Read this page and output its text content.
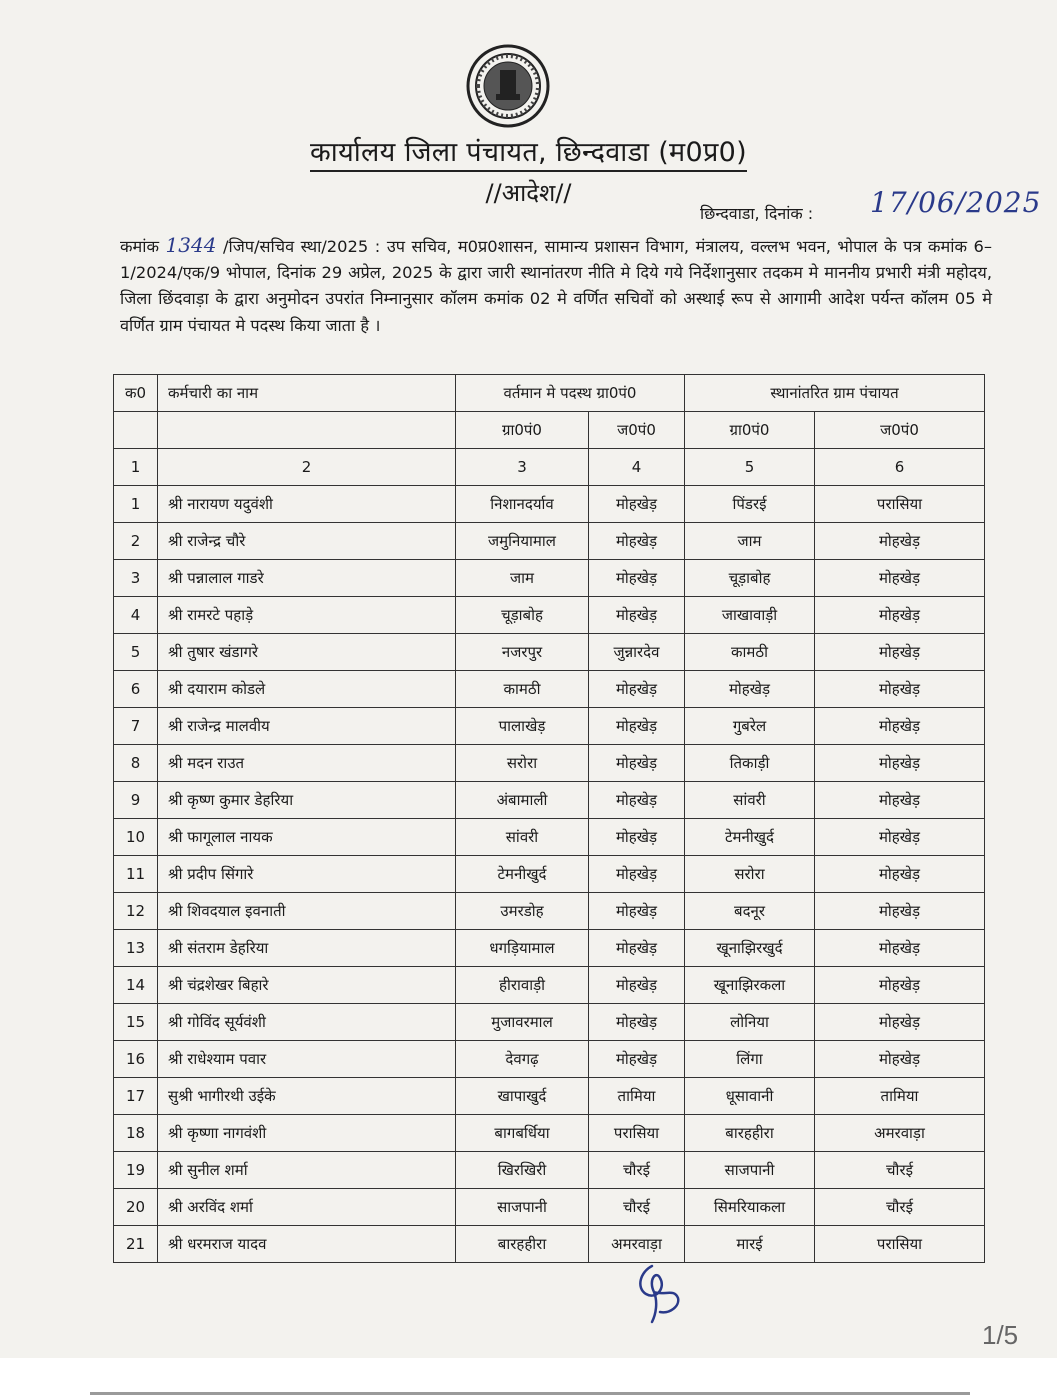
कार्यालय जिला पंचायत, छिन्दवाडा (म0प्र0)
//आदेश//
छिन्दवाडा, दिनांक : 17/06/2025
कमांक 1344 /जिप/सचिव स्था/2025 : उप सचिव, म0प्र0शासन, सामान्य प्रशासन विभाग, मंत्रालय, वल्लभ भवन, भोपाल के पत्र कमांक 6–1/2024/एक/9 भोपाल, दिनांक 29 अप्रेल, 2025 के द्वारा जारी स्थानांतरण नीति मे दिये गये निर्देशानुसार तदकम मे माननीय प्रभारी मंत्री महोदय, जिला छिंदवाड़ा के द्वारा अनुमोदन उपरांत निम्नानुसार कॉलम कमांक 02 मे वर्णित सचिवों को अस्थाई रूप से आगामी आदेश पर्यन्त कॉलम 05 मे वर्णित ग्राम पंचायत मे पदस्थ किया जाता है ।
क0	कर्मचारी का नाम	वर्तमान मे पदस्थ ग्रा0पं0		स्थानांतरित ग्राम पंचायत	
		ग्रा0पं0	ज0पं0	ग्रा0पं0	ज0पं0
1	2	3	4	5	6
1	श्री नारायण यदुवंशी	निशानदर्याव	मोहखेड़	पिंडरई	परासिया
2	श्री राजेन्द्र चौरे	जमुनियामाल	मोहखेड़	जाम	मोहखेड़
3	श्री पन्नालाल गाडरे	जाम	मोहखेड़	चूड़ाबोह	मोहखेड़
4	श्री रामरटे पहाड़े	चूड़ाबोह	मोहखेड़	जाखावाड़ी	मोहखेड़
5	श्री तुषार खंडागरे	नजरपुर	जुन्नारदेव	कामठी	मोहखेड़
6	श्री दयाराम कोडले	कामठी	मोहखेड़	मोहखेड़	मोहखेड़
7	श्री राजेन्द्र मालवीय	पालाखेड़	मोहखेड़	गुबरेल	मोहखेड़
8	श्री मदन राउत	सरोरा	मोहखेड़	तिकाड़ी	मोहखेड़
9	श्री कृष्ण कुमार डेहरिया	अंबामाली	मोहखेड़	सांवरी	मोहखेड़
10	श्री फागूलाल नायक	सांवरी	मोहखेड़	टेमनीखुर्द	मोहखेड़
11	श्री प्रदीप सिंगारे	टेमनीखुर्द	मोहखेड़	सरोरा	मोहखेड़
12	श्री शिवदयाल इवनाती	उमरडोह	मोहखेड़	बदनूर	मोहखेड़
13	श्री संतराम डेहरिया	धगड़ियामाल	मोहखेड़	खूनाझिरखुर्द	मोहखेड़
14	श्री चंद्रशेखर बिहारे	हीरावाड़ी	मोहखेड़	खूनाझिरकला	मोहखेड़
15	श्री गोविंद सूर्यवंशी	मुजावरमाल	मोहखेड़	लोनिया	मोहखेड़
16	श्री राधेश्याम पवार	देवगढ़	मोहखेड़	लिंगा	मोहखेड़
17	सुश्री भागीरथी उईके	खापाखुर्द	तामिया	धूसावानी	तामिया
18	श्री कृष्णा नागवंशी	बागबर्धिया	परासिया	बारहहीरा	अमरवाड़ा
19	श्री सुनील शर्मा	खिरखिरी	चौरई	साजपानी	चौरई
20	श्री अरविंद शर्मा	साजपानी	चौरई	सिमरियाकला	चौरई
21	श्री धरमराज यादव	बारहहीरा	अमरवाड़ा	मारई	परासिया
1/5
